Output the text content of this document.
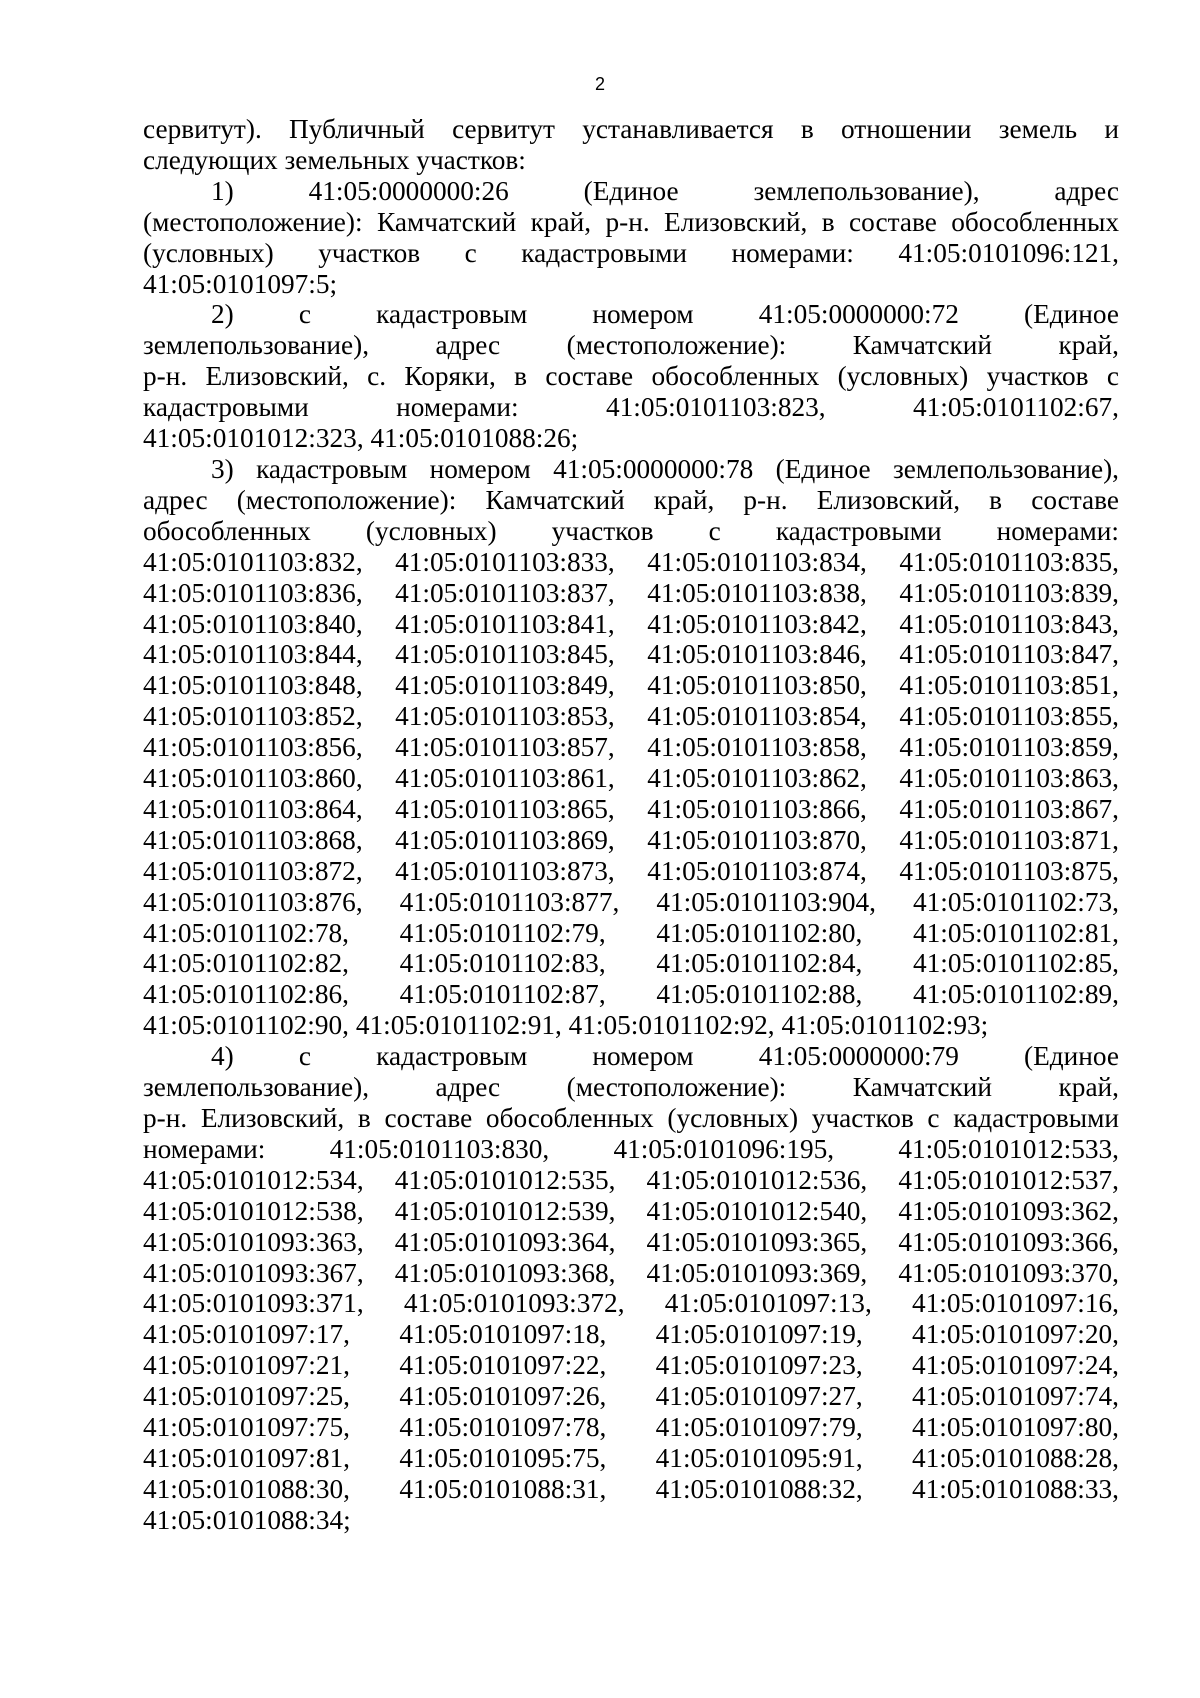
2
сервитут). Публичный сервитут устанавливается в отношении земель и
следующих земельных участков:
1) 41:05:0000000:26 (Единое землепользование), адрес
(местоположение): Камчатский край, р-н. Елизовский, в составе обособленных
(условных) участков с кадастровыми номерами: 41:05:0101096:121,
41:05:0101097:5;
2) с кадастровым номером 41:05:0000000:72 (Единое
землепользование), адрес (местоположение): Камчатский край,
р-н. Елизовский, с. Коряки, в составе обособленных (условных) участков с
кадастровыми номерами: 41:05:0101103:823, 41:05:0101102:67,
41:05:0101012:323, 41:05:0101088:26;
3) кадастровым номером 41:05:0000000:78 (Единое землепользование),
адрес (местоположение): Камчатский край, р-н. Елизовский, в составе
обособленных (условных) участков с кадастровыми номерами:
41:05:0101103:832, 41:05:0101103:833, 41:05:0101103:834, 41:05:0101103:835,
41:05:0101103:836, 41:05:0101103:837, 41:05:0101103:838, 41:05:0101103:839,
41:05:0101103:840, 41:05:0101103:841, 41:05:0101103:842, 41:05:0101103:843,
41:05:0101103:844, 41:05:0101103:845, 41:05:0101103:846, 41:05:0101103:847,
41:05:0101103:848, 41:05:0101103:849, 41:05:0101103:850, 41:05:0101103:851,
41:05:0101103:852, 41:05:0101103:853, 41:05:0101103:854, 41:05:0101103:855,
41:05:0101103:856, 41:05:0101103:857, 41:05:0101103:858, 41:05:0101103:859,
41:05:0101103:860, 41:05:0101103:861, 41:05:0101103:862, 41:05:0101103:863,
41:05:0101103:864, 41:05:0101103:865, 41:05:0101103:866, 41:05:0101103:867,
41:05:0101103:868, 41:05:0101103:869, 41:05:0101103:870, 41:05:0101103:871,
41:05:0101103:872, 41:05:0101103:873, 41:05:0101103:874, 41:05:0101103:875,
41:05:0101103:876, 41:05:0101103:877, 41:05:0101103:904, 41:05:0101102:73,
41:05:0101102:78, 41:05:0101102:79, 41:05:0101102:80, 41:05:0101102:81,
41:05:0101102:82, 41:05:0101102:83, 41:05:0101102:84, 41:05:0101102:85,
41:05:0101102:86, 41:05:0101102:87, 41:05:0101102:88, 41:05:0101102:89,
41:05:0101102:90, 41:05:0101102:91, 41:05:0101102:92, 41:05:0101102:93;
4) с кадастровым номером 41:05:0000000:79 (Единое
землепользование), адрес (местоположение): Камчатский край,
р-н. Елизовский, в составе обособленных (условных) участков с кадастровыми
номерами: 41:05:0101103:830, 41:05:0101096:195, 41:05:0101012:533,
41:05:0101012:534, 41:05:0101012:535, 41:05:0101012:536, 41:05:0101012:537,
41:05:0101012:538, 41:05:0101012:539, 41:05:0101012:540, 41:05:0101093:362,
41:05:0101093:363, 41:05:0101093:364, 41:05:0101093:365, 41:05:0101093:366,
41:05:0101093:367, 41:05:0101093:368, 41:05:0101093:369, 41:05:0101093:370,
41:05:0101093:371, 41:05:0101093:372, 41:05:0101097:13, 41:05:0101097:16,
41:05:0101097:17, 41:05:0101097:18, 41:05:0101097:19, 41:05:0101097:20,
41:05:0101097:21, 41:05:0101097:22, 41:05:0101097:23, 41:05:0101097:24,
41:05:0101097:25, 41:05:0101097:26, 41:05:0101097:27, 41:05:0101097:74,
41:05:0101097:75, 41:05:0101097:78, 41:05:0101097:79, 41:05:0101097:80,
41:05:0101097:81, 41:05:0101095:75, 41:05:0101095:91, 41:05:0101088:28,
41:05:0101088:30, 41:05:0101088:31, 41:05:0101088:32, 41:05:0101088:33,
41:05:0101088:34;
